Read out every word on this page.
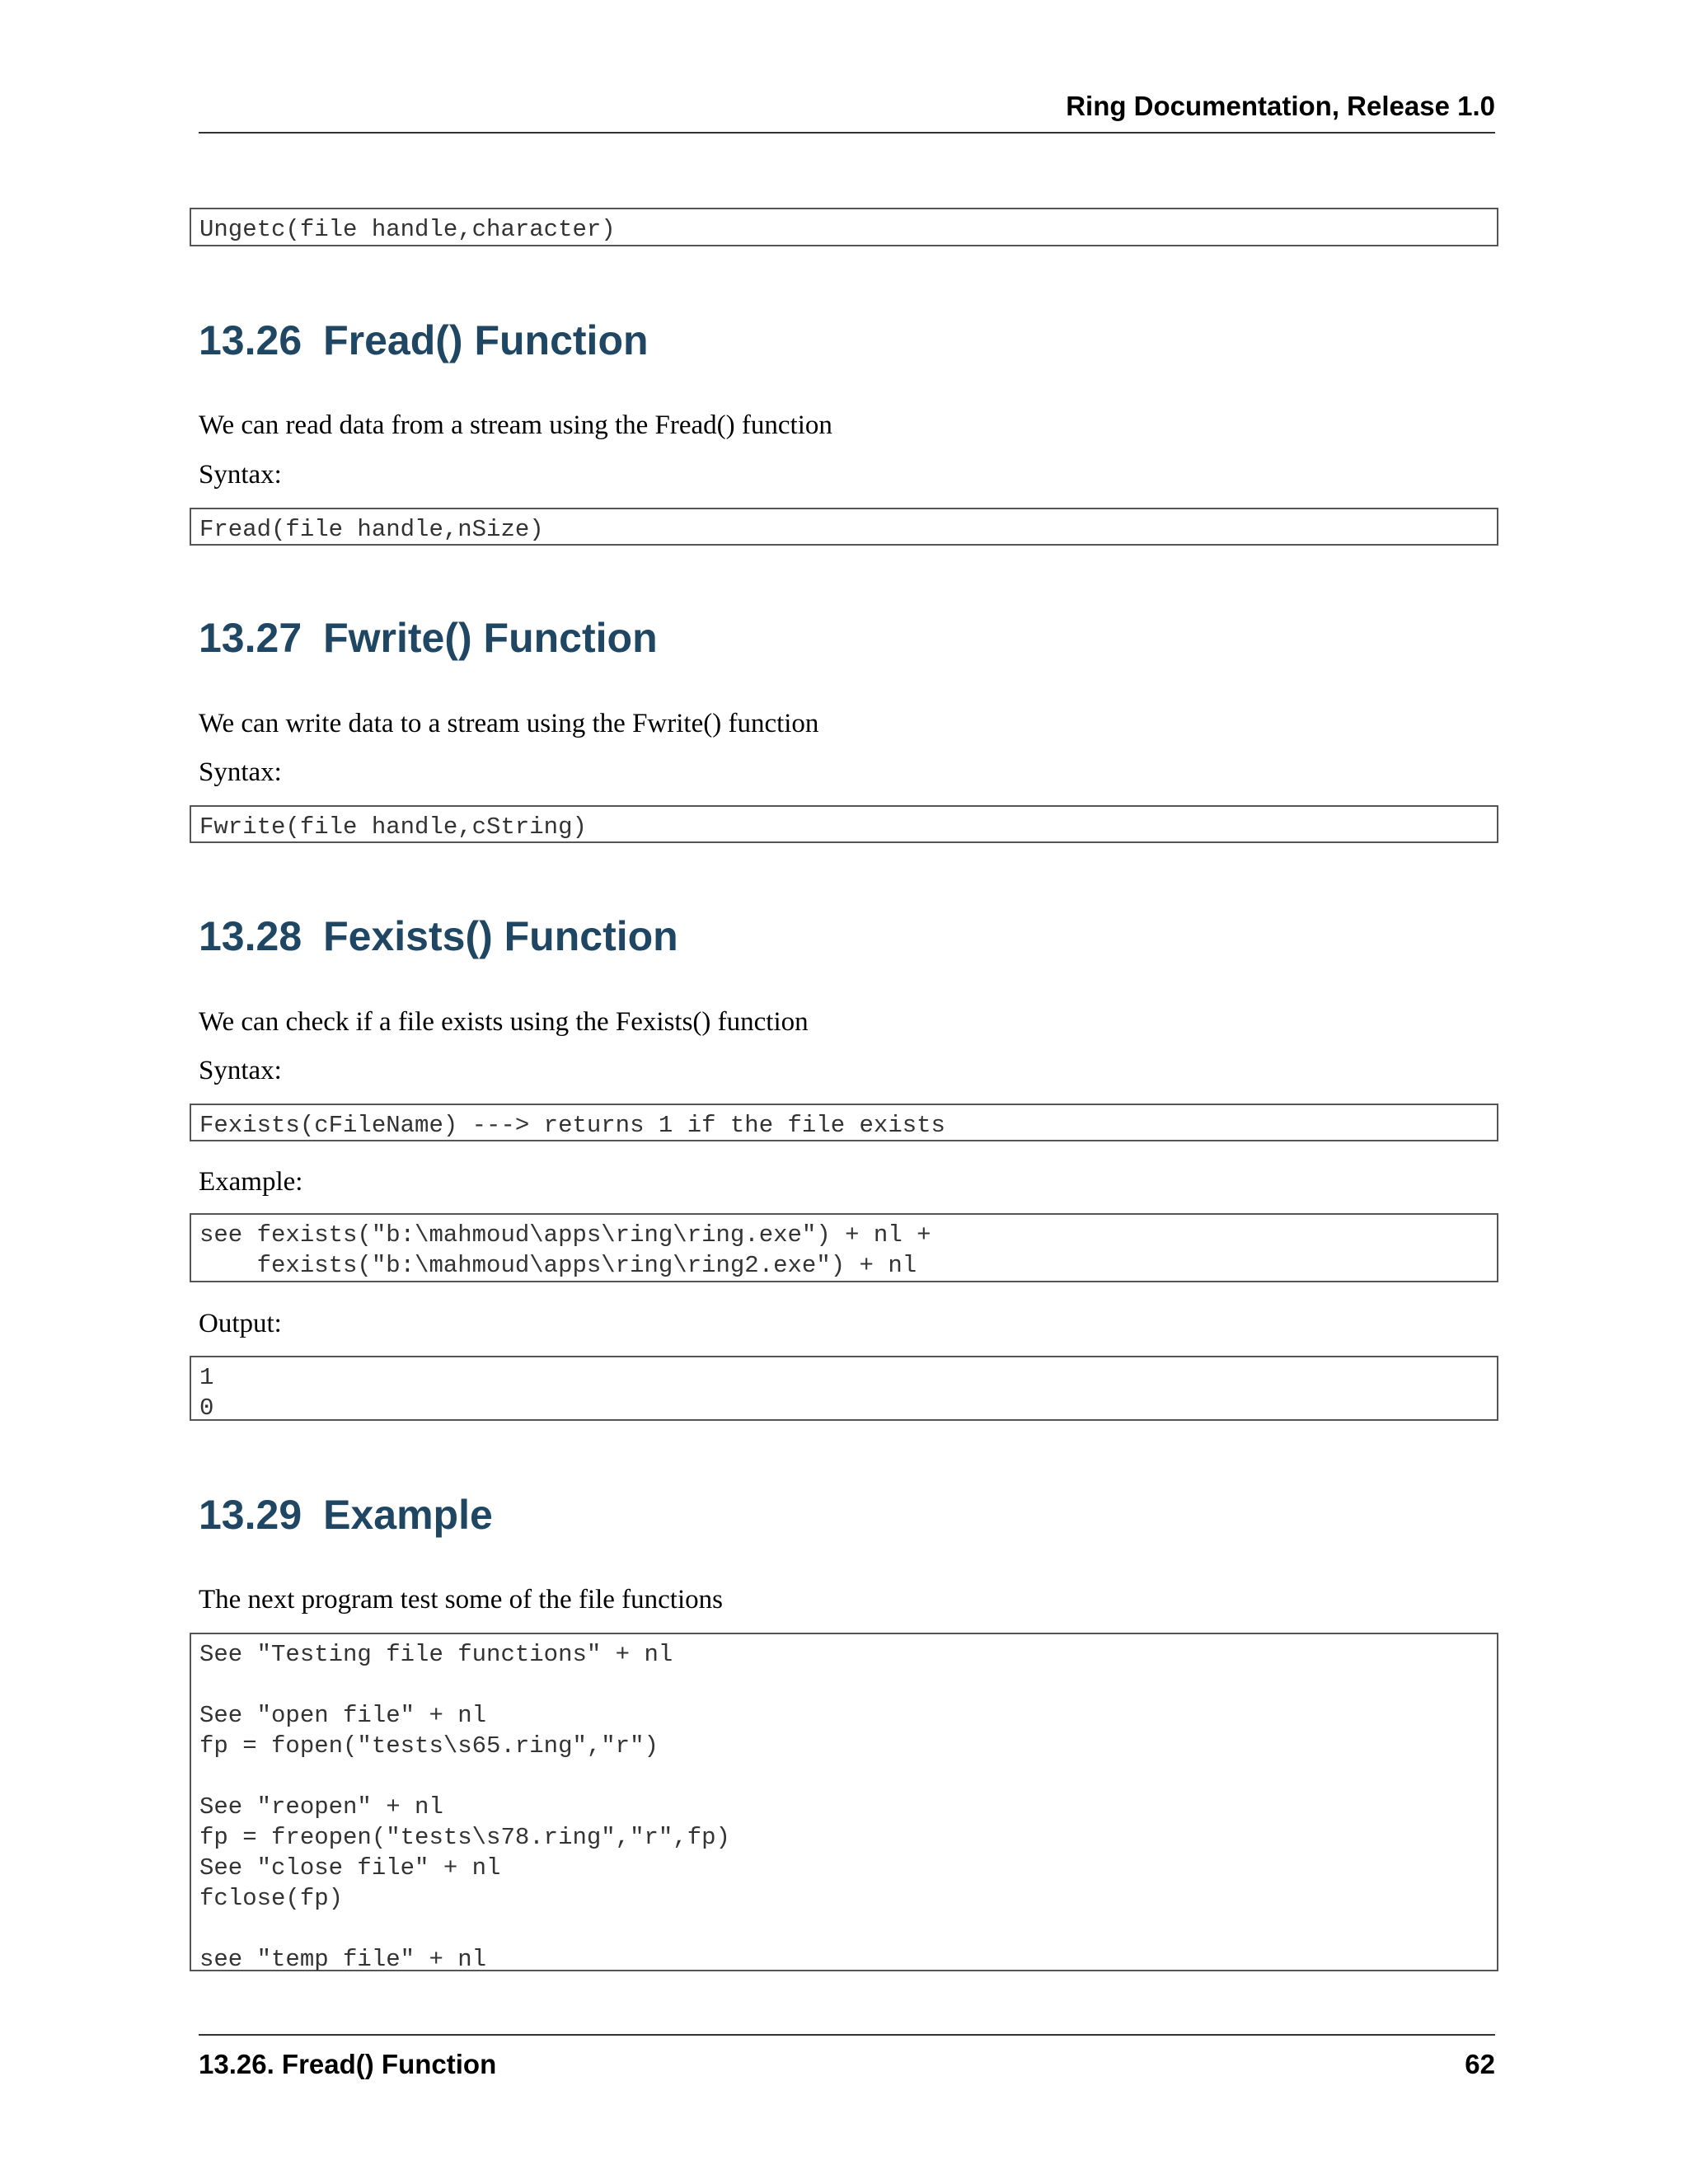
Ring Documentation, Release 1.0
Ungetc(file handle,character)
13.26 Fread() Function
We can read data from a stream using the Fread() function
Syntax:
Fread(file handle,nSize)
13.27 Fwrite() Function
We can write data to a stream using the Fwrite() function
Syntax:
Fwrite(file handle,cString)
13.28 Fexists() Function
We can check if a file exists using the Fexists() function
Syntax:
Fexists(cFileName) ---> returns 1 if the file exists
Example:
see fexists("b:\mahmoud\apps\ring\ring.exe") + nl +
fexists("b:\mahmoud\apps\ring\ring2.exe") + nl
Output:
1
0
13.29 Example
The next program test some of the file functions
See "Testing file functions" + nl

See "open file" + nl
fp = fopen("tests\s65.ring","r")

See "reopen" + nl
fp = freopen("tests\s78.ring","r",fp)
See "close file" + nl
fclose(fp)

see "temp file" + nl
13.26. Fread() Function	62
